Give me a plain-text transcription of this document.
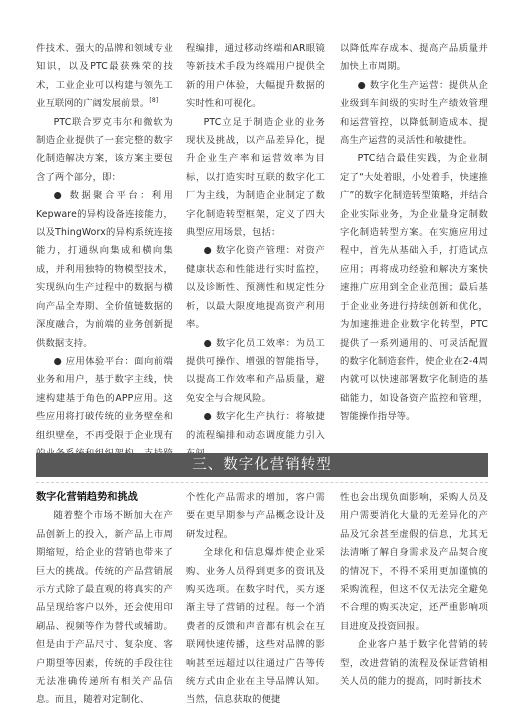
件技术、强大的品牌和领域专业知识，以及PTC最获殊荣的技术，工业企业可以构建与领先工业互联网的广阔发展前景。[8]

PTC联合罗克韦尔和微软为制造企业提供了一套完整的数字化制造解决方案，该方案主要包含了两个部分，即：

● 数据聚合平台：利用Kepware的异构设备连接能力，以及ThingWorx的异构系统连接能力，打通纵向集成和横向集成，并利用独特的物模型技术，实现纵向生产过程中的数据与横向产品全寿期、全价值链数据的深度融合，为前端的业务创新提供数据支持。

● 应用体验平台：面向前端业务和用户，基于数字主线，快速构建基于角色的APP应用。这些应用将打破传统的业务壁垒和组织壁垒，不再受限于企业现有

程编排，通过移动终端和AR眼镜等新技术手段为终端用户提供全新的用户体验，大幅提升数据的实时性和可视化。

PTC立足于制造企业的业务现状及挑战，以产品差异化，提升企业生产率和运营效率为目标，以打造实时互联的数字化工厂为主线，为制造企业制定了数字化制造转型框架，定义了四大典型应用场景，包括：

● 数字化资产管理：对资产健康状态和性能进行实时监控，以及诊断性、预测性和规定性分析，以最大限度地提高资产利用率。

● 数字化员工效率：为员工提供可操作、增强的智能指导，以提高工作效率和产品质量，避免安全与合规风险。

● 数字化生产执行：将敏捷的流程编排和动态调度能力引入

以降低库存成本、提高产品质量并加快上市周期。

● 数字化生产运营：提供从企业级到车间级的实时生产绩效管理和运营管控，以降低制造成本、提高生产运营的灵活性和敏捷性。

PTC结合最佳实践，为企业制定了“大处着眼，小处着手，快速推广”的数字化制造转型策略，并结合企业实际业务，为企业量身定制数字化制造转型方案。在实施应用过程中，首先从基础入手，打造试点应用；再将成功经验和解决方案快速推广应用到全企业范围；最后基于企业业务进行持续创新和优化，为加速推进企业数字化转型，PTC提供了一系列通用的、可灵活配置的数字化制造套件，使企业在2-4周内就可以快速部署数字化制造的基础能力，如设备资产监控和管理，智能操作指导等。

三、数字化营销转型

数字化营销趋势和挑战

随着整个市场不断加大在产品创新上的投入，新产品上市周期缩短，给企业的营销也带来了巨大的挑战。传统的产品营销展示方式除了最直观的将真实的产品呈现给客户以外，还会使用印刷品、视频等作为替代或辅助。但是由于产品尺寸、复杂度、客户期望等因素，传统的手段往往无法准确传递所有相关产品信息。而且，随着对定制化、

个性化产品需求的增加，客户需要在更早期参与产品概念设计及研发过程。

全球化和信息爆炸使企业采购、业务人员得到更多的资讯及购买选项。在数字时代，买方逐渐主导了营销的过程。每一个消费者的反馈和声音都有机会在互联网快速传播，这些对品牌的影响甚至远超过以往通过广告等传统方式由企业在主导品牌认知。当然，信息获取的便捷

性也会出现负面影响，采购人员及用户需要消化大量的无差异化的产品及冗余甚至虚假的信息，尤其无法清晰了解自身需求及产品契合度的情况下，不得不采用更加谨慎的采购流程，但这不仅无法完全避免不合理的购买决定，还严重影响项目进度及投资回报。

企业客户基于数字化营销的转型，改进营销的流程及保证营销相关人员的能力的提高，同时新技术
